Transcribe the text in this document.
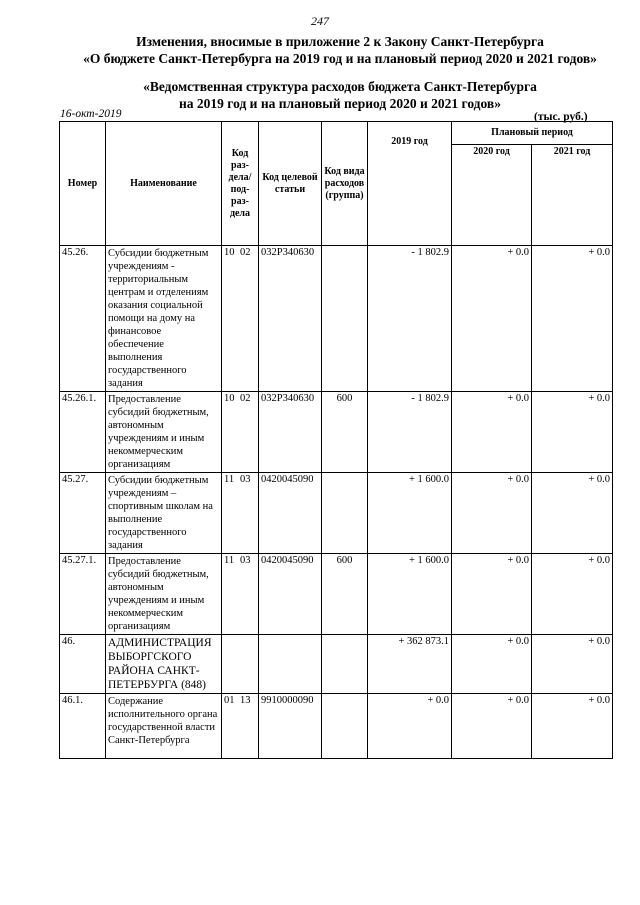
247
Изменения, вносимые в приложение 2 к Закону Санкт-Петербурга
«О бюджете Санкт-Петербурга на 2019 год и на плановый период 2020 и 2021 годов»
«Ведомственная структура расходов бюджета Санкт-Петербурга
на 2019 год и на плановый период 2020 и 2021 годов»
16-окт-2019	(тыс. руб.)
Номер	Наименование	Код раз-дела/ под-раз-дела	Код целевой статьи	Код вида расходов (группа)	2019 год	Плановый период	
						2020 год	2021 год
45.26.	Субсидии бюджетным учреждениям - территориальным центрам и отделениям оказания социальной помощи на дому на финансовое обеспечение выполнения государственного задания	10 02	032P340630		- 1 802.9	+ 0.0	+ 0.0
45.26.1.	Предоставление субсидий бюджетным, автономным учреждениям и иным некоммерческим организациям	10 02	032P340630	600	- 1 802.9	+ 0.0	+ 0.0
45.27.	Субсидии бюджетным учреждениям – спортивным школам на выполнение государственного задания	11 03	0420045090		+ 1 600.0	+ 0.0	+ 0.0
45.27.1.	Предоставление субсидий бюджетным, автономным учреждениям и иным некоммерческим организациям	11 03	0420045090	600	+ 1 600.0	+ 0.0	+ 0.0
46.	АДМИНИСТРАЦИЯ ВЫБОРГСКОГО РАЙОНА САНКТ-ПЕТЕРБУРГА (848)				+ 362 873.1	+ 0.0	+ 0.0
46.1.	Содержание исполнительного органа государственной власти Санкт-Петербурга	01 13	9910000090		+ 0.0	+ 0.0	+ 0.0
